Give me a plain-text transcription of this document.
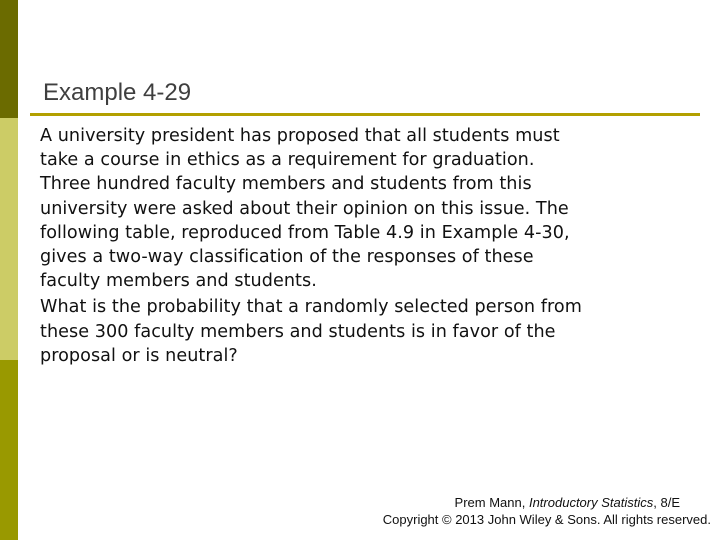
Example 4-29

A university president has proposed that all students must
take a course in ethics as a requirement for graduation.
Three hundred faculty members and students from this
university were asked about their opinion on this issue. The
following table, reproduced from Table 4.9 in Example 4-30,
gives a two-way classification of the responses of these
faculty members and students.

What is the probability that a randomly selected person from
these 300 faculty members and students is in favor of the
proposal or is neutral?

Prem Mann, Introductory Statistics, 8/E
Copyright © 2013 John Wiley & Sons. All rights reserved.
